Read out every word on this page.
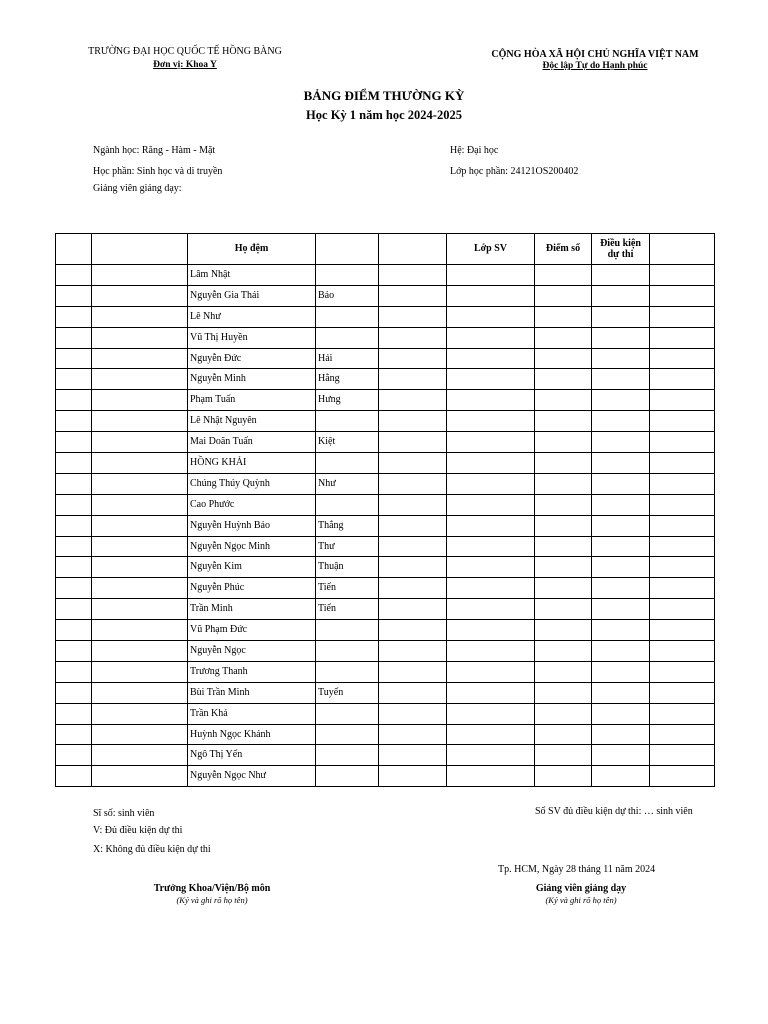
TRƯỜNG ĐẠI HỌC QUỐC TẾ HỒNG BÀNG
Đơn vị: Khoa Y
CỘNG HÒA XÃ HỘI CHỦ NGHĨA VIỆT NAM
Độc lập Tự do Hạnh phúc
BẢNG ĐIỂM THƯỜNG KỲ
Học Kỳ 1 năm học 2024-2025
Ngành học: Răng - Hàm - Mặt	Hệ: Đại học
Học phần: Sinh học và di truyền	Lớp học phần: 24121OS200402
Giảng viên giảng dạy:
		Họ đệm			Lớp SV	Điểm số	Điều kiện dự thi	
		Lâm Nhật						
		Nguyễn Gia Thái	Bảo					
		Lê Như						
		Vũ Thị Huyền						
		Nguyễn Đức	Hải					
		Nguyễn Minh	Hằng					
		Phạm Tuấn	Hưng					
		Lê Nhật Nguyên						
		Mai Doãn Tuấn	Kiệt					
		HỒNG KHẢI						
		Chúng Thúy Quỳnh	Như					
		Cao Phước						
		Nguyễn Huỳnh Bảo	Thắng					
		Nguyễn Ngọc Minh	Thư					
		Nguyễn Kim	Thuận					
		Nguyễn Phúc	Tiến					
		Trần Minh	Tiến					
		Vũ Phạm Đức						
		Nguyễn Ngọc						
		Trương Thanh						
		Bùi Trần Minh	Tuyến					
		Trần Khả						
		Huỳnh Ngọc Khánh						
		Ngô Thị Yến						
		Nguyễn Ngọc Như						
Sĩ số: sinh viên	Số SV đủ điều kiện dự thi: … sinh viên
V: Đủ điều kiện dự thi
X: Không đủ điều kiện dự thi
Tp. HCM, Ngày 28 tháng 11 năm 2024
Trưởng Khoa/Viện/Bộ môn
(Ký và ghi rõ họ tên)
Giảng viên giảng dạy
(Ký và ghi rõ họ tên)
